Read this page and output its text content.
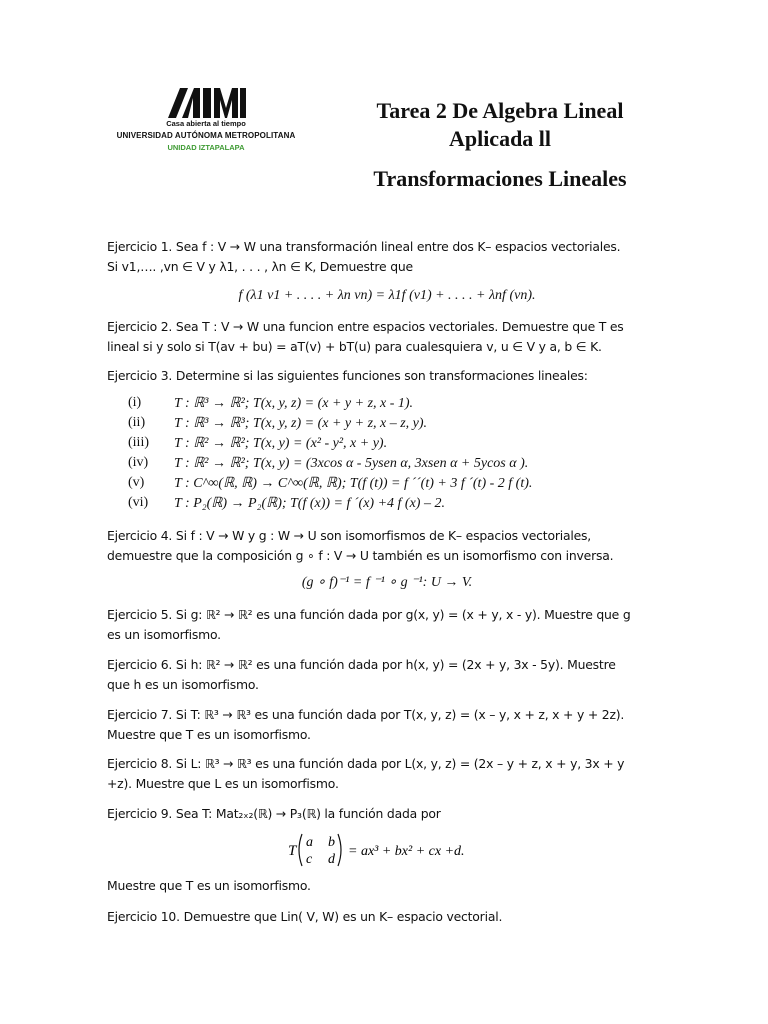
Casa abierta al tiempo
UNIVERSIDAD AUTÓNOMA METROPOLITANA
UNIDAD IZTAPALAPA
Tarea 2 De Algebra Lineal
Aplicada ll
Transformaciones Lineales
Ejercicio 1. Sea f : V → W una transformación lineal entre dos K– espacios vectoriales.
Si v1,…. ,vn ∈ V y λ1, . . . , λn ∈ K, Demuestre que
f (λ1 v1 + . . . . + λn vn) = λ1f (v1) + . . . . + λnf (vn).
Ejercicio 2. Sea T : V → W una funcion entre espacios vectoriales. Demuestre que T es
lineal si y solo si T(av + bu) = aT(v) + bT(u) para cualesquiera v, u ∈ V y a, b ∈ K.
Ejercicio 3. Determine si las siguientes funciones son transformaciones lineales:
(i)	T : ℝ³ → ℝ²; T(x, y, z) = (x + y + z, x - 1).
(ii)	T : ℝ³ → ℝ³; T(x, y, z) = (x + y + z, x – z, y).
(iii)	T : ℝ² → ℝ²; T(x, y) = (x² - y², x + y).
(iv)	T : ℝ² → ℝ²; T(x, y) = (3xcos α - 5ysen α, 3xsen α + 5ycos α ).
(v)	T : C^∞(ℝ, ℝ) → C^∞(ℝ, ℝ); T(f (t)) = f ´´(t) + 3 f ´(t) - 2 f (t).
(vi)	T : P₂(ℝ) → P₂(ℝ); T(f (x)) = f ´(x) +4 f (x) – 2.
Ejercicio 4. Si f : V → W y g : W → U son isomorfismos de K– espacios vectoriales,
demuestre que la composición g ∘ f : V → U también es un isomorfismo con inversa.
(g ∘ f)⁻¹ = f ⁻¹ ∘ g ⁻¹: U → V.
Ejercicio 5. Si g: ℝ² → ℝ² es una función dada por g(x, y) = (x + y, x - y). Muestre que g
es un isomorfismo.
Ejercicio 6. Si h: ℝ² → ℝ² es una función dada por h(x, y) = (2x + y, 3x - 5y). Muestre
que h es un isomorfismo.
Ejercicio 7. Si T: ℝ³ → ℝ³ es una función dada por T(x, y, z) = (x – y, x + z, x + y + 2z).
Muestre que T es un isomorfismo.
Ejercicio 8. Si L: ℝ³ → ℝ³ es una función dada por L(x, y, z) = (2x – y + z, x + y, 3x + y
+z). Muestre que L es un isomorfismo.
Ejercicio 9. Sea T: Mat₂ₓ₂(ℝ) → P₃(ℝ) la función dada por
T
a b
c d
= ax³ + bx² + cx +d.
Muestre que T es un isomorfismo.
Ejercicio 10. Demuestre que Lin( V, W) es un K– espacio vectorial.
